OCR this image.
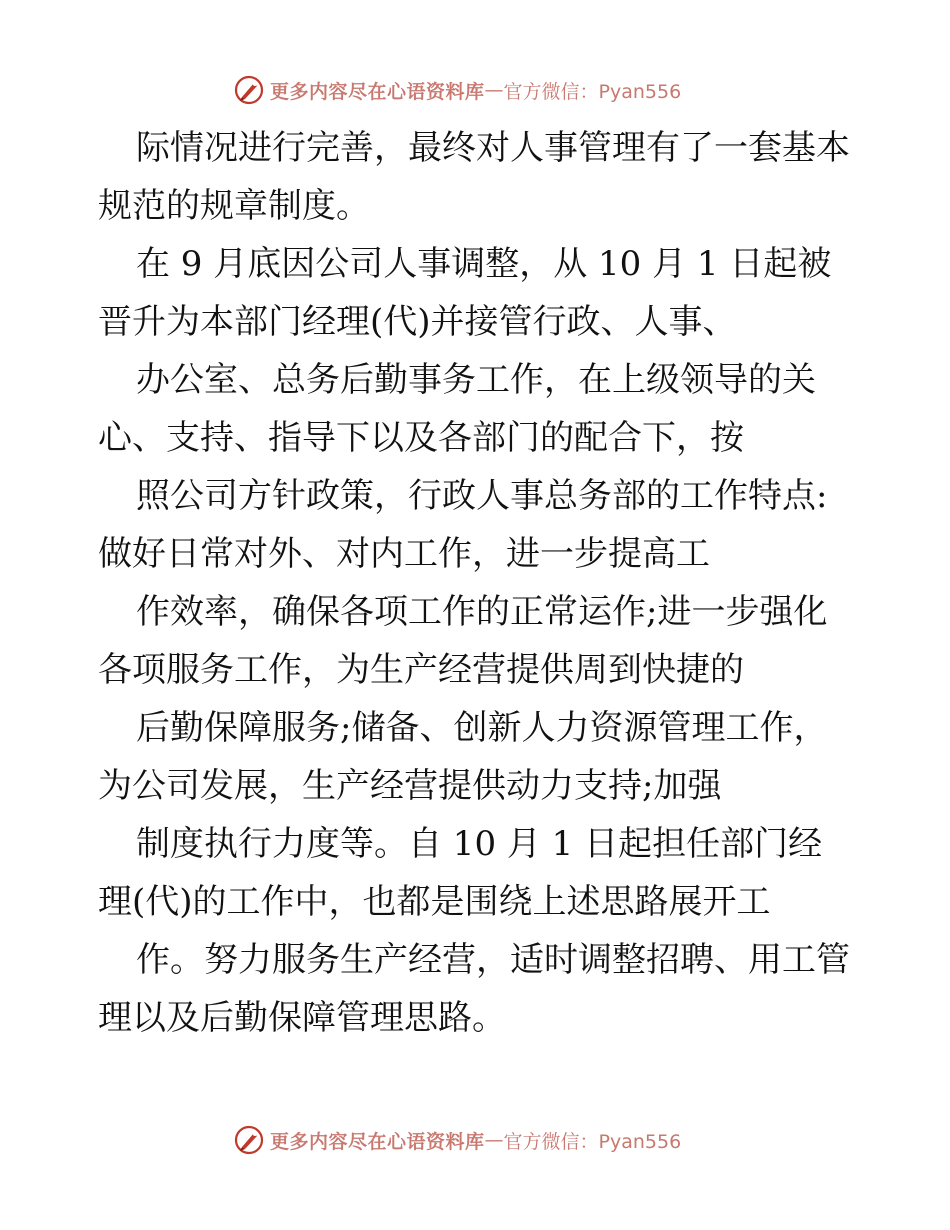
更多内容尽在心语资料库 — 官方微信：Pyan556
际情况进行完善，最终对人事管理有了一套基本
规范的规章制度。
在 9 月底因公司人事调整，从 10 月 1 日起被
晋升为本部门经理(代)并接管行政、人事、
办公室、总务后勤事务工作，在上级领导的关
心、支持、指导下以及各部门的配合下，按
照公司方针政策，行政人事总务部的工作特点:
做好日常对外、对内工作，进一步提高工
作效率，确保各项工作的正常运作;进一步强化
各项服务工作，为生产经营提供周到快捷的
后勤保障服务;储备、创新人力资源管理工作，
为公司发展，生产经营提供动力支持;加强
制度执行力度等。自 10 月 1 日起担任部门经
理(代)的工作中，也都是围绕上述思路展开工
作。努力服务生产经营，适时调整招聘、用工管
理以及后勤保障管理思路。
更多内容尽在心语资料库 — 官方微信：Pyan556
